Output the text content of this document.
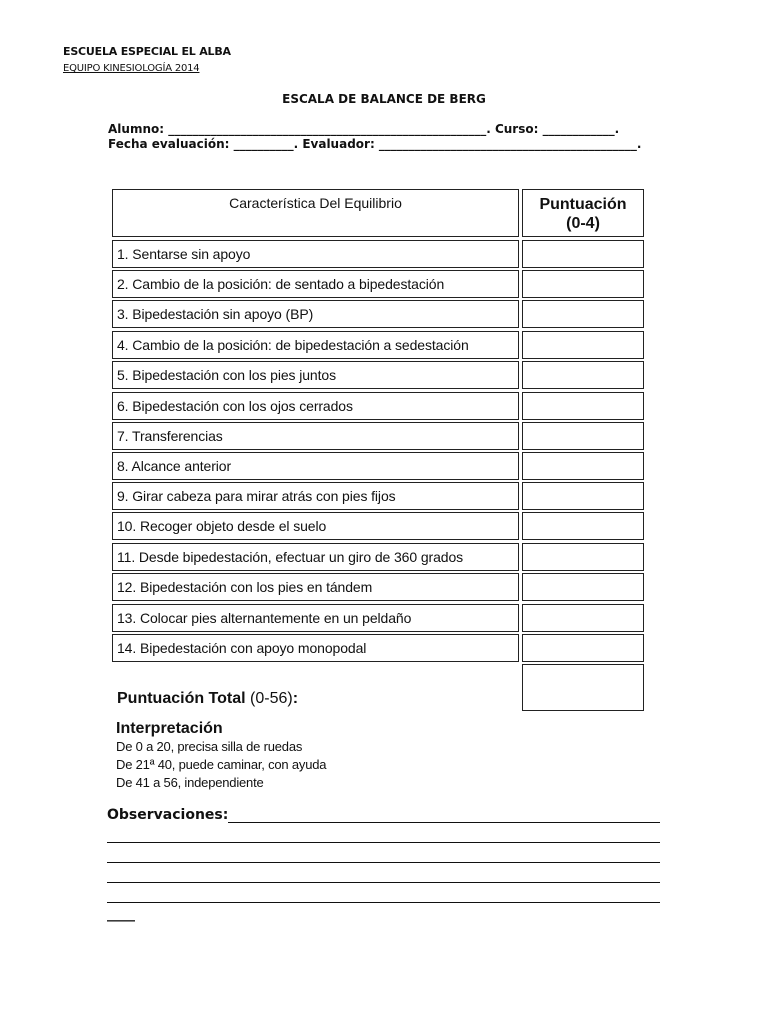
ESCUELA ESPECIAL EL ALBA
EQUIPO KINESIOLOGÍA 2014
ESCALA DE BALANCE DE BERG
Alumno: _____________________________________________________. Curso: ____________.
Fecha evaluación: __________. Evaluador: ___________________________________________.
Característica Del Equilibrio	Puntuación
(0-4)
1. Sentarse sin apoyo
2. Cambio de la posición: de sentado a bipedestación
3. Bipedestación sin apoyo (BP)
4. Cambio de la posición: de bipedestación a sedestación
5. Bipedestación con los pies juntos
6. Bipedestación con los ojos cerrados
7. Transferencias
8. Alcance anterior
9. Girar cabeza para mirar atrás con pies fijos
10. Recoger objeto desde el suelo
11. Desde bipedestación, efectuar un giro de 360 grados
12. Bipedestación con los pies en tándem
13. Colocar pies alternantemente en un peldaño
14. Bipedestación con apoyo monopodal
Puntuación Total (0-56):
Interpretación
De 0 a 20, precisa silla de ruedas
De 21ª 40, puede caminar, con ayuda
De 41 a 56, independiente
Observaciones:
____
